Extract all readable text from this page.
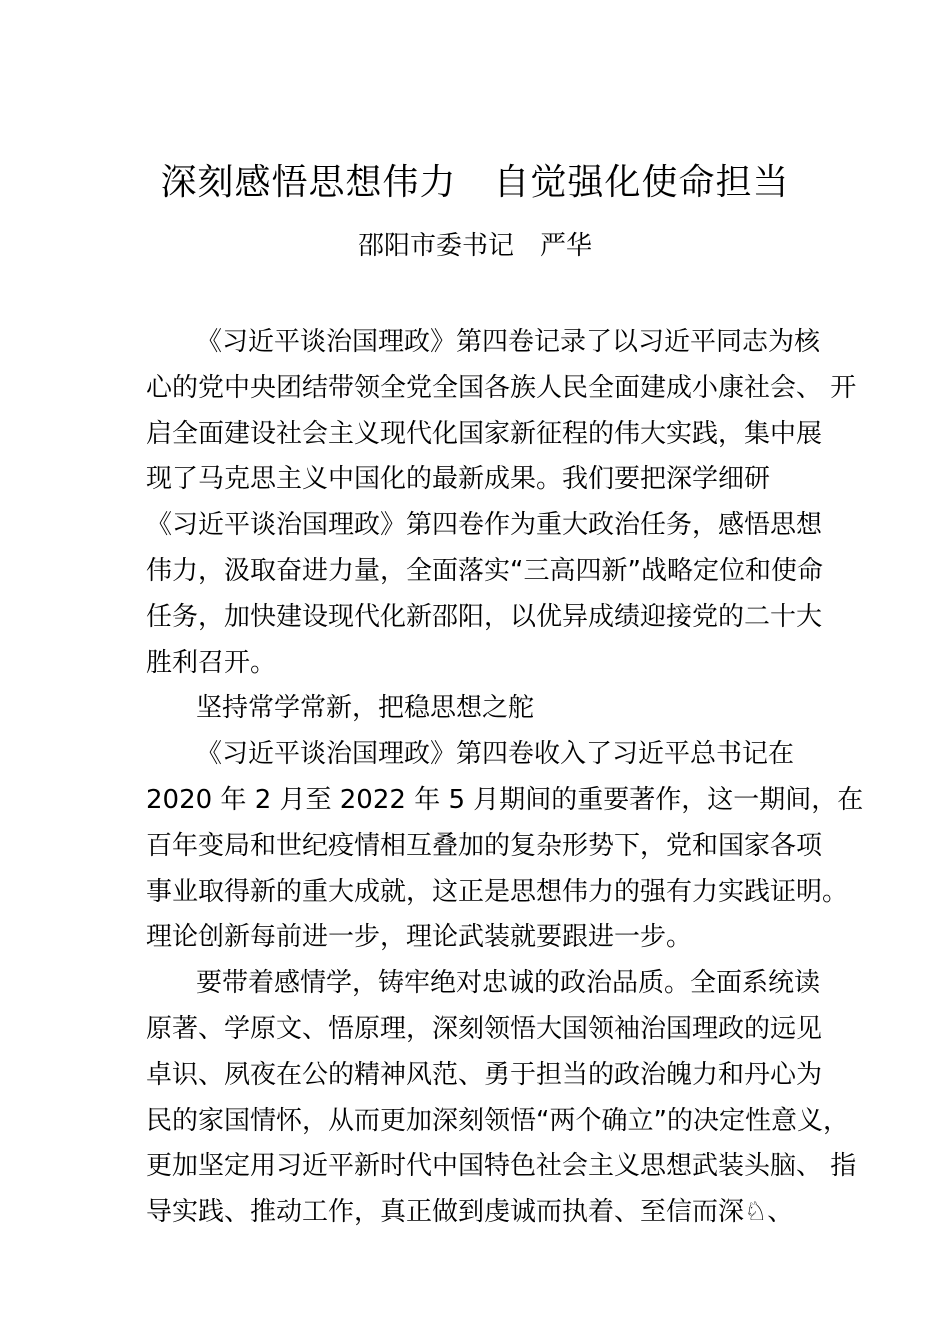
深刻感悟思想伟力　自觉强化使命担当
邵阳市委书记　严华
《习近平谈治国理政》第四卷记录了以习近平同志为核
心的党中央团结带领全党全国各族人民全面建成小康社会、 开
启全面建设社会主义现代化国家新征程的伟大实践，集中展
现了马克思主义中国化的最新成果。我们要把深学细研
《习近平谈治国理政》第四卷作为重大政治任务，感悟思想
伟力，汲取奋进力量，全面落实“三高四新”战略定位和使命
任务，加快建设现代化新邵阳，以优异成绩迎接党的二十大
胜利召开。
坚持常学常新，把稳思想之舵
《习近平谈治国理政》第四卷收入了习近平总书记在
2020 年 2 月至 2022 年 5 月期间的重要著作，这一期间，在
百年变局和世纪疫情相互叠加的复杂形势下，党和国家各项
事业取得新的重大成就，这正是思想伟力的强有力实践证明。
理论创新每前进一步，理论武装就要跟进一步。
要带着感情学，铸牢绝对忠诚的政治品质。全面系统读
原著、学原文、悟原理，深刻领悟大国领袖治国理政的远见
卓识、夙夜在公的精神风范、勇于担当的政治魄力和丹心为
民的家国情怀，从而更加深刻领悟“两个确立”的决定性意义，
更加坚定用习近平新时代中国特色社会主义思想武装头脑、 指
导实践、推动工作，真正做到虔诚而执着、至信而深♘、
